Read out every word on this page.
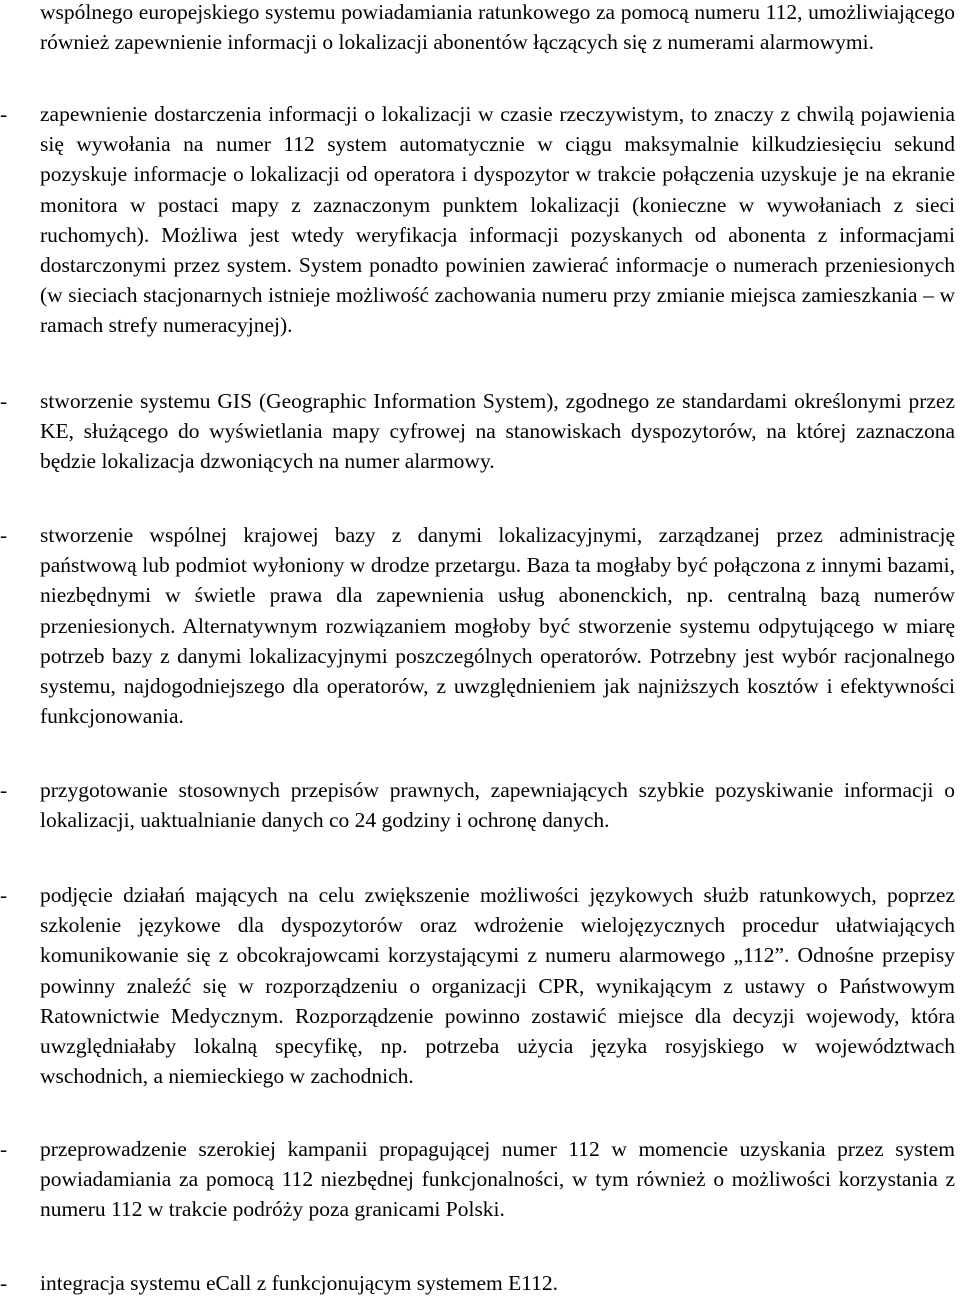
wspólnego europejskiego systemu powiadamiania ratunkowego za pomocą numeru 112, umożliwiającego również zapewnienie informacji o lokalizacji abonentów łączących się z numerami alarmowymi.

-	zapewnienie dostarczenia informacji o lokalizacji w czasie rzeczywistym, to znaczy z chwilą pojawienia się wywołania na numer 112 system automatycznie w ciągu maksymalnie kilkudziesięciu sekund pozyskuje informacje o lokalizacji od operatora i dyspozytor w trakcie połączenia uzyskuje je na ekranie monitora w postaci mapy z zaznaczonym punktem lokalizacji (konieczne w wywołaniach z sieci ruchomych). Możliwa jest wtedy weryfikacja informacji pozyskanych od abonenta z informacjami dostarczonymi przez system. System ponadto powinien zawierać informacje o numerach przeniesionych (w sieciach stacjonarnych istnieje możliwość zachowania numeru przy zmianie miejsca zamieszkania – w ramach strefy numeracyjnej).

-	stworzenie systemu GIS (Geographic Information System), zgodnego ze standardami określonymi przez KE, służącego do wyświetlania mapy cyfrowej na stanowiskach dyspozytorów, na której zaznaczona będzie lokalizacja dzwoniących na numer alarmowy.

-	stworzenie wspólnej krajowej bazy z danymi lokalizacyjnymi, zarządzanej przez administrację państwową lub podmiot wyłoniony w drodze przetargu. Baza ta mogłaby być połączona z innymi bazami, niezbędnymi w świetle prawa dla zapewnienia usług abonenckich, np. centralną bazą numerów przeniesionych. Alternatywnym rozwiązaniem mogłoby być stworzenie systemu odpytującego w miarę potrzeb bazy z danymi lokalizacyjnymi poszczególnych operatorów. Potrzebny jest wybór racjonalnego systemu, najdogodniejszego dla operatorów, z uwzględnieniem jak najniższych kosztów i efektywności funkcjonowania.

-	przygotowanie stosownych przepisów prawnych, zapewniających szybkie pozyskiwanie informacji o lokalizacji, uaktualnianie danych co 24 godziny i ochronę danych.

-	podjęcie działań mających na celu zwiększenie możliwości językowych służb ratunkowych, poprzez szkolenie językowe dla dyspozytorów oraz wdrożenie wielojęzycznych procedur ułatwiających komunikowanie się z obcokrajowcami korzystającymi z numeru alarmowego „112”. Odnośne przepisy powinny znaleźć się w rozporządzeniu o organizacji CPR, wynikającym z ustawy o Państwowym Ratownictwie Medycznym. Rozporządzenie powinno zostawić miejsce dla decyzji wojewody, która uwzględniałaby lokalną specyfikę, np. potrzeba użycia języka rosyjskiego w województwach wschodnich, a niemieckiego w zachodnich.

-	przeprowadzenie szerokiej kampanii propagującej numer 112 w momencie uzyskania przez system powiadamiania za pomocą 112 niezbędnej funkcjonalności, w tym również o możliwości korzystania z numeru 112 w trakcie podróży poza granicami Polski.

-	integracja systemu eCall z funkcjonującym systemem E112.
